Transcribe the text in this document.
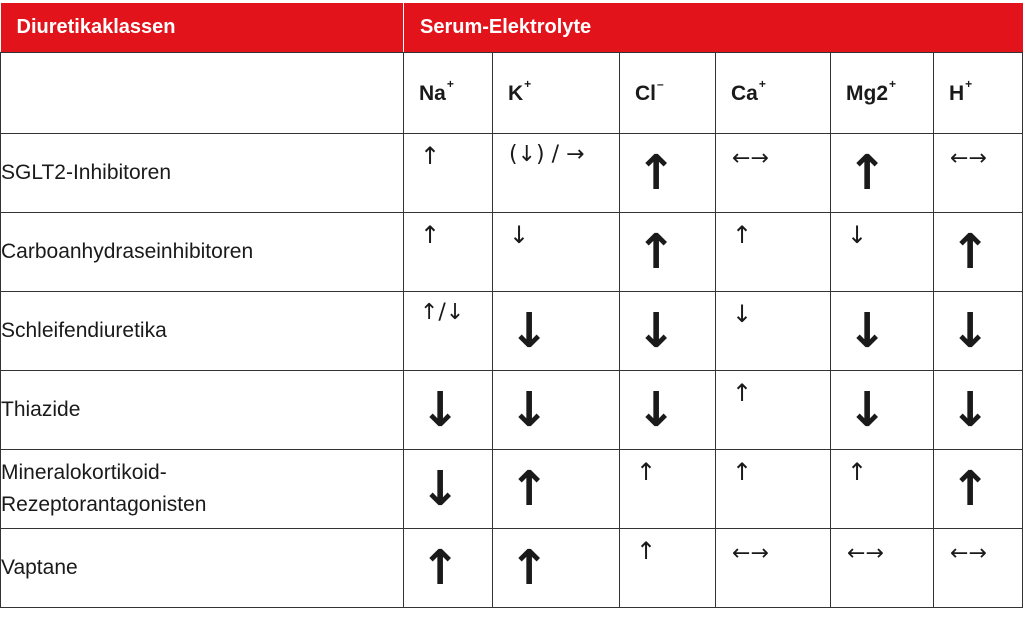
Diuretikaklassen	Serum-Elektrolyte					
	Na+	K+	Cl–	Ca+	Mg2+	H+
SGLT2-Inhibitoren	↑	(↓) / →	↑	←→	↑	←→

Carboanhydraseinhibitoren	↑	↓	↑	↑	↓	↑

Schleifendiuretika	↑/↓	↓	↓	↓	↓	↓

Thiazide	↓	↓	↓	↑	↓	↓

Mineralokortikoid-
Rezeptorantagonisten	↓	↑	↑	↑	↑	↑

Vaptane	↑	↑	↑	←→	←→	←→
